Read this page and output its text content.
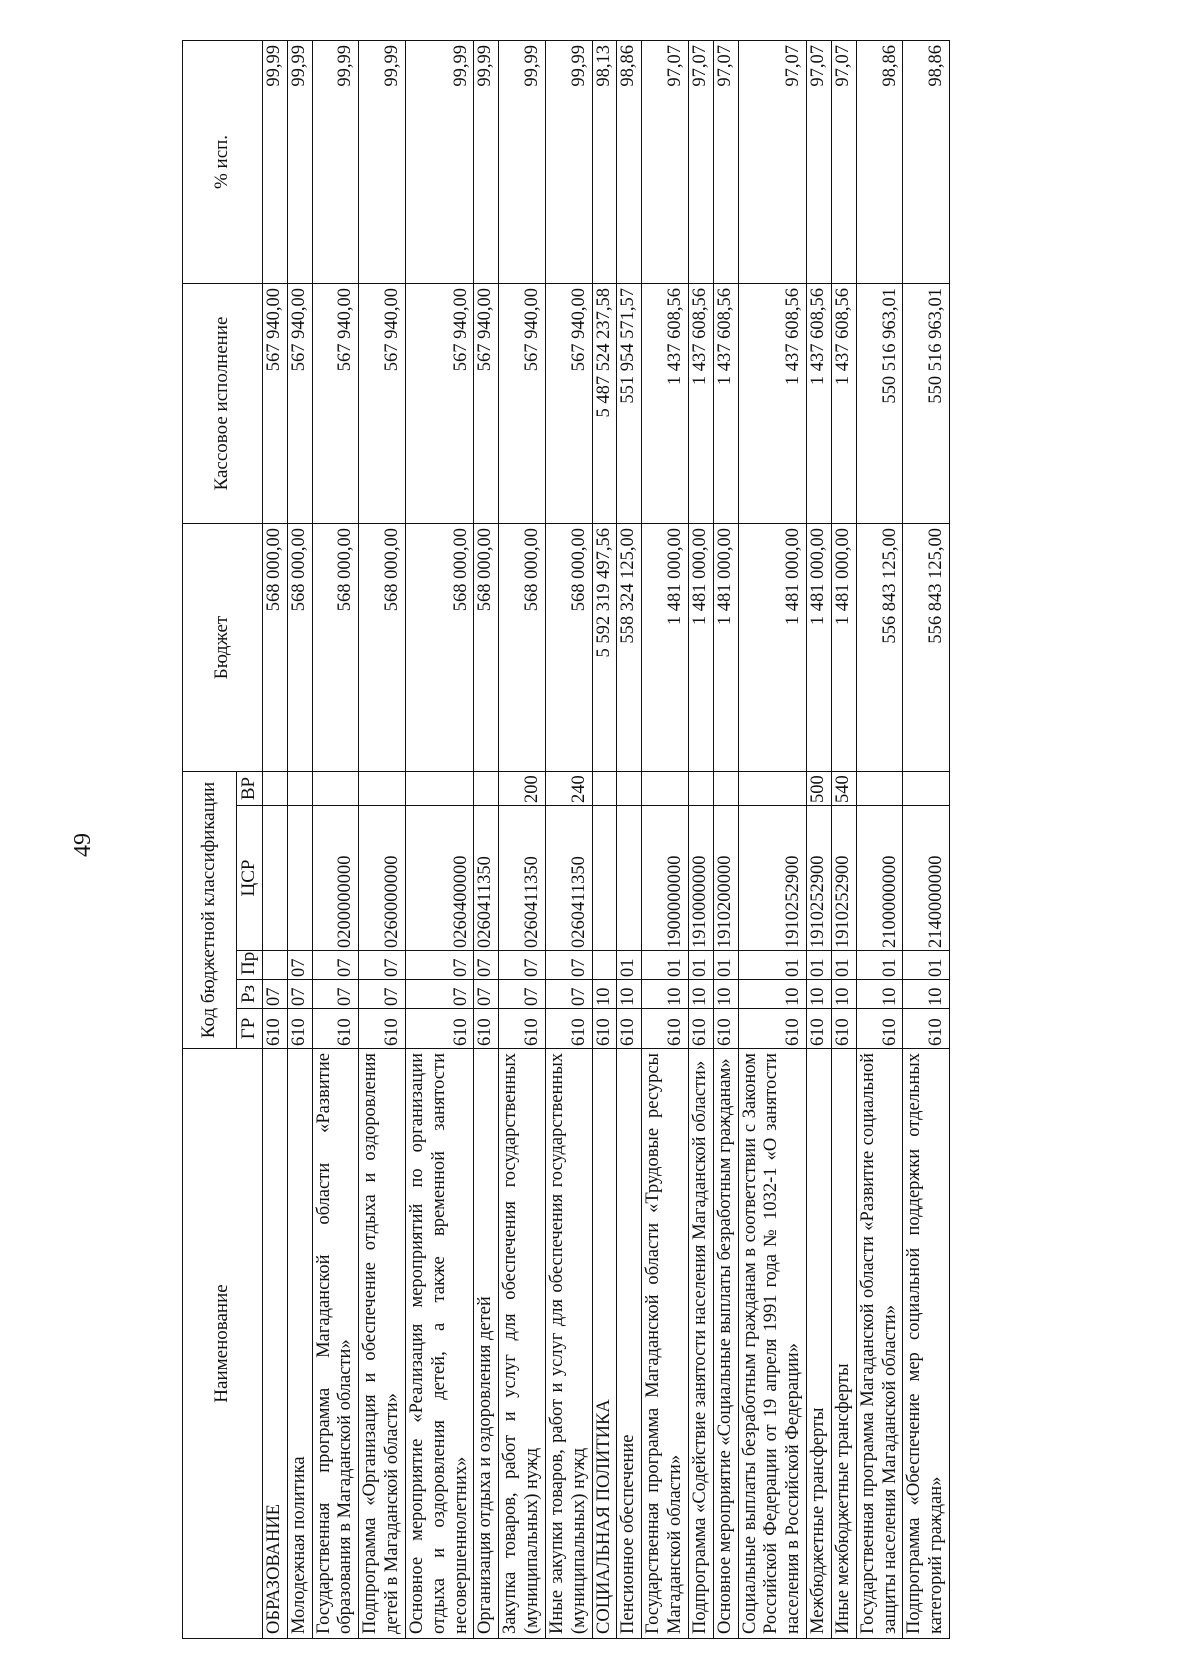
49
Наименование	Код бюджетной классификации					Бюджет	Кассовое исполнение	% исп.
	ГР	Рз	Пр	ЦСР	ВР			
ОБРАЗОВАНИЕ	610	07				568 000,00	567 940,00	99,99
Молодежная политика	610	07	07			568 000,00	567 940,00	99,99
Государственная программа Магаданской области «Развитие образования в Магаданской области»	610	07	07	0200000000		568 000,00	567 940,00	99,99
Подпрограмма «Организация и обеспечение отдыха и оздоровления детей в Магаданской области»	610	07	07	0260000000		568 000,00	567 940,00	99,99
Основное мероприятие «Реализация мероприятий по организации отдыха и оздоровления детей, а также временной занятости несовершеннолетних»	610	07	07	0260400000		568 000,00	567 940,00	99,99
Организация отдыха и оздоровления детей	610	07	07	0260411350		568 000,00	567 940,00	99,99
Закупка товаров, работ и услуг для обеспечения государственных (муниципальных) нужд	610	07	07	0260411350	200	568 000,00	567 940,00	99,99
Иные закупки товаров, работ и услуг для обеспечения государственных (муниципальных) нужд	610	07	07	0260411350	240	568 000,00	567 940,00	99,99
СОЦИАЛЬНАЯ ПОЛИТИКА	610	10				5 592 319 497,56	5 487 524 237,58	98,13
Пенсионное обеспечение	610	10	01			558 324 125,00	551 954 571,57	98,86
Государственная программа Магаданской области «Трудовые ресурсы Магаданской области»	610	10	01	1900000000		1 481 000,00	1 437 608,56	97,07
Подпрограмма «Содействие занятости населения Магаданской области»	610	10	01	1910000000		1 481 000,00	1 437 608,56	97,07
Основное мероприятие «Социальные выплаты безработным гражданам»	610	10	01	1910200000		1 481 000,00	1 437 608,56	97,07
Социальные выплаты безработным гражданам в соответствии с Законом Российской Федерации от 19 апреля 1991 года № 1032-1 «О занятости населения в Российской Федерации»	610	10	01	1910252900		1 481 000,00	1 437 608,56	97,07
Межбюджетные трансферты	610	10	01	1910252900	500	1 481 000,00	1 437 608,56	97,07
Иные межбюджетные трансферты	610	10	01	1910252900	540	1 481 000,00	1 437 608,56	97,07
Государственная программа Магаданской области «Развитие социальной защиты населения Магаданской области»	610	10	01	2100000000		556 843 125,00	550 516 963,01	98,86
Подпрограмма «Обеспечение мер социальной поддержки отдельных категорий граждан»	610	10	01	2140000000		556 843 125,00	550 516 963,01	98,86
